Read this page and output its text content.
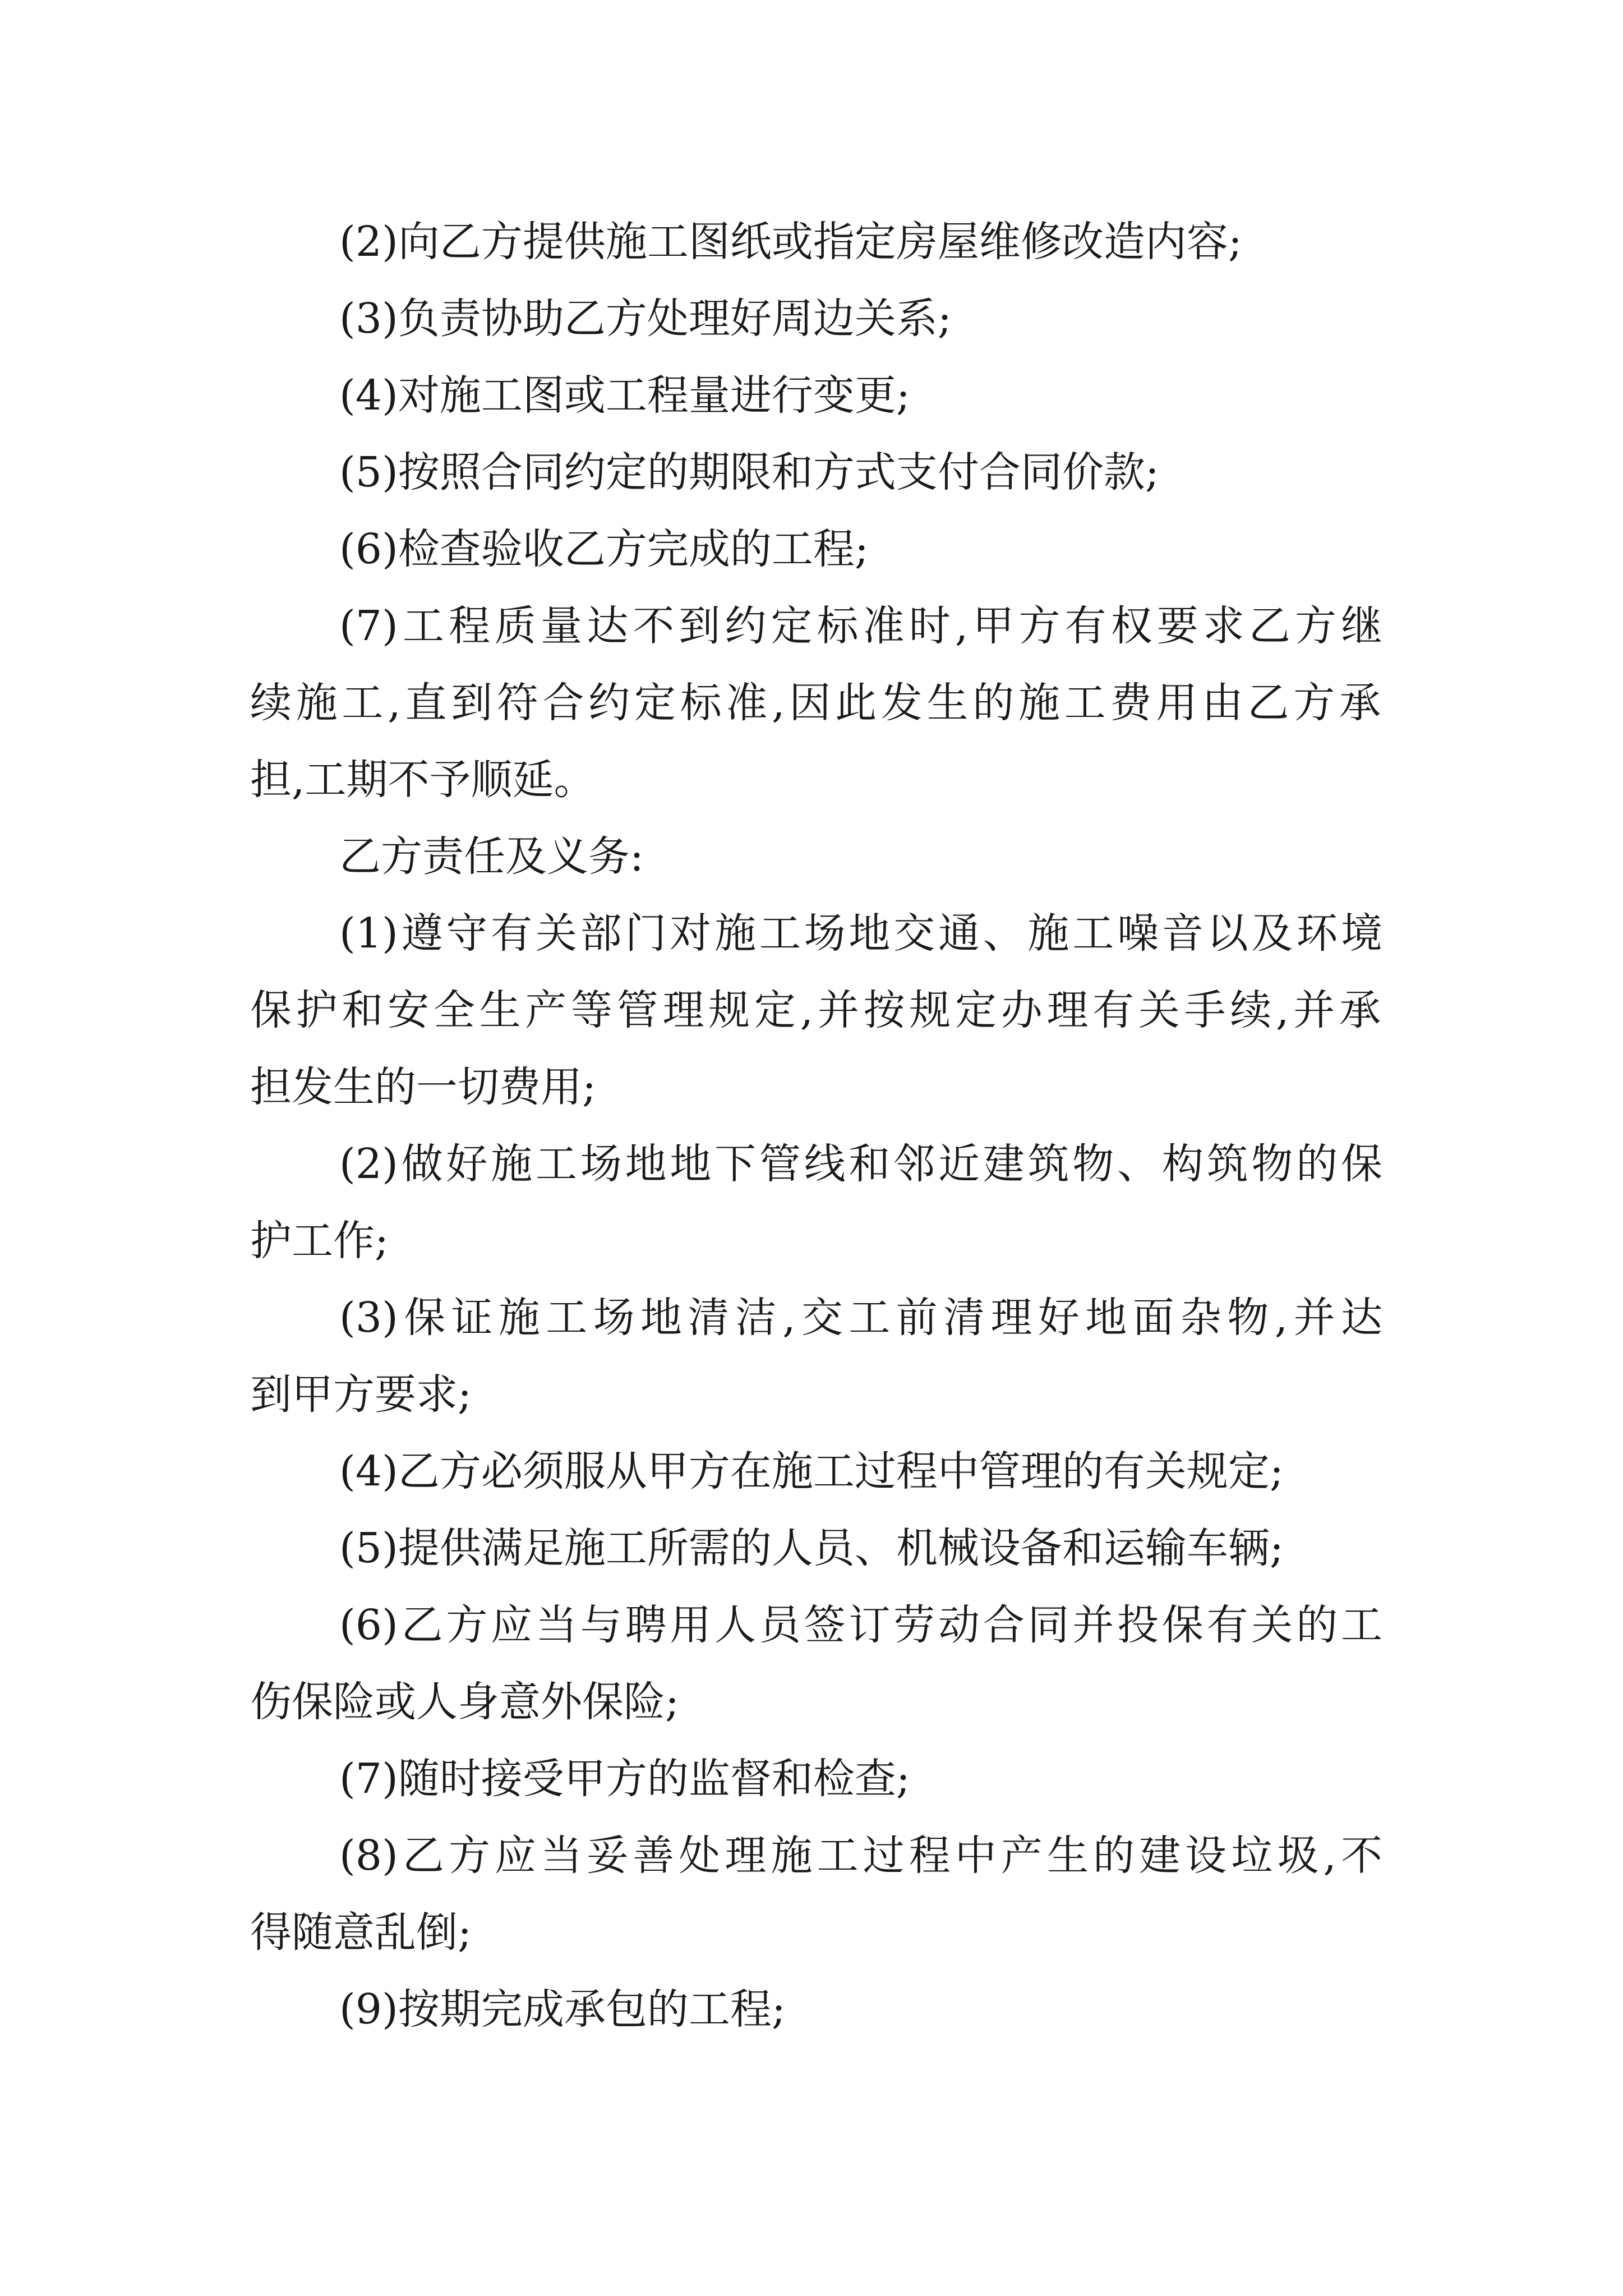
(2)向乙方提供施工图纸或指定房屋维修改造内容;
(3)负责协助乙方处理好周边关系;
(4)对施工图或工程量进行变更;
(5)按照合同约定的期限和方式支付合同价款;
(6)检查验收乙方完成的工程;
(7)工程质量达不到约定标准时,甲方有权要求乙方继
续施工,直到符合约定标准,因此发生的施工费用由乙方承
担,工期不予顺延。
乙方责任及义务:
(1)遵守有关部门对施工场地交通、施工噪音以及环境
保护和安全生产等管理规定,并按规定办理有关手续,并承
担发生的一切费用;
(2)做好施工场地地下管线和邻近建筑物、构筑物的保
护工作;
(3)保证施工场地清洁,交工前清理好地面杂物,并达
到甲方要求;
(4)乙方必须服从甲方在施工过程中管理的有关规定;
(5)提供满足施工所需的人员、机械设备和运输车辆;
(6)乙方应当与聘用人员签订劳动合同并投保有关的工
伤保险或人身意外保险;
(7)随时接受甲方的监督和检查;
(8)乙方应当妥善处理施工过程中产生的建设垃圾,不
得随意乱倒;
(9)按期完成承包的工程;
